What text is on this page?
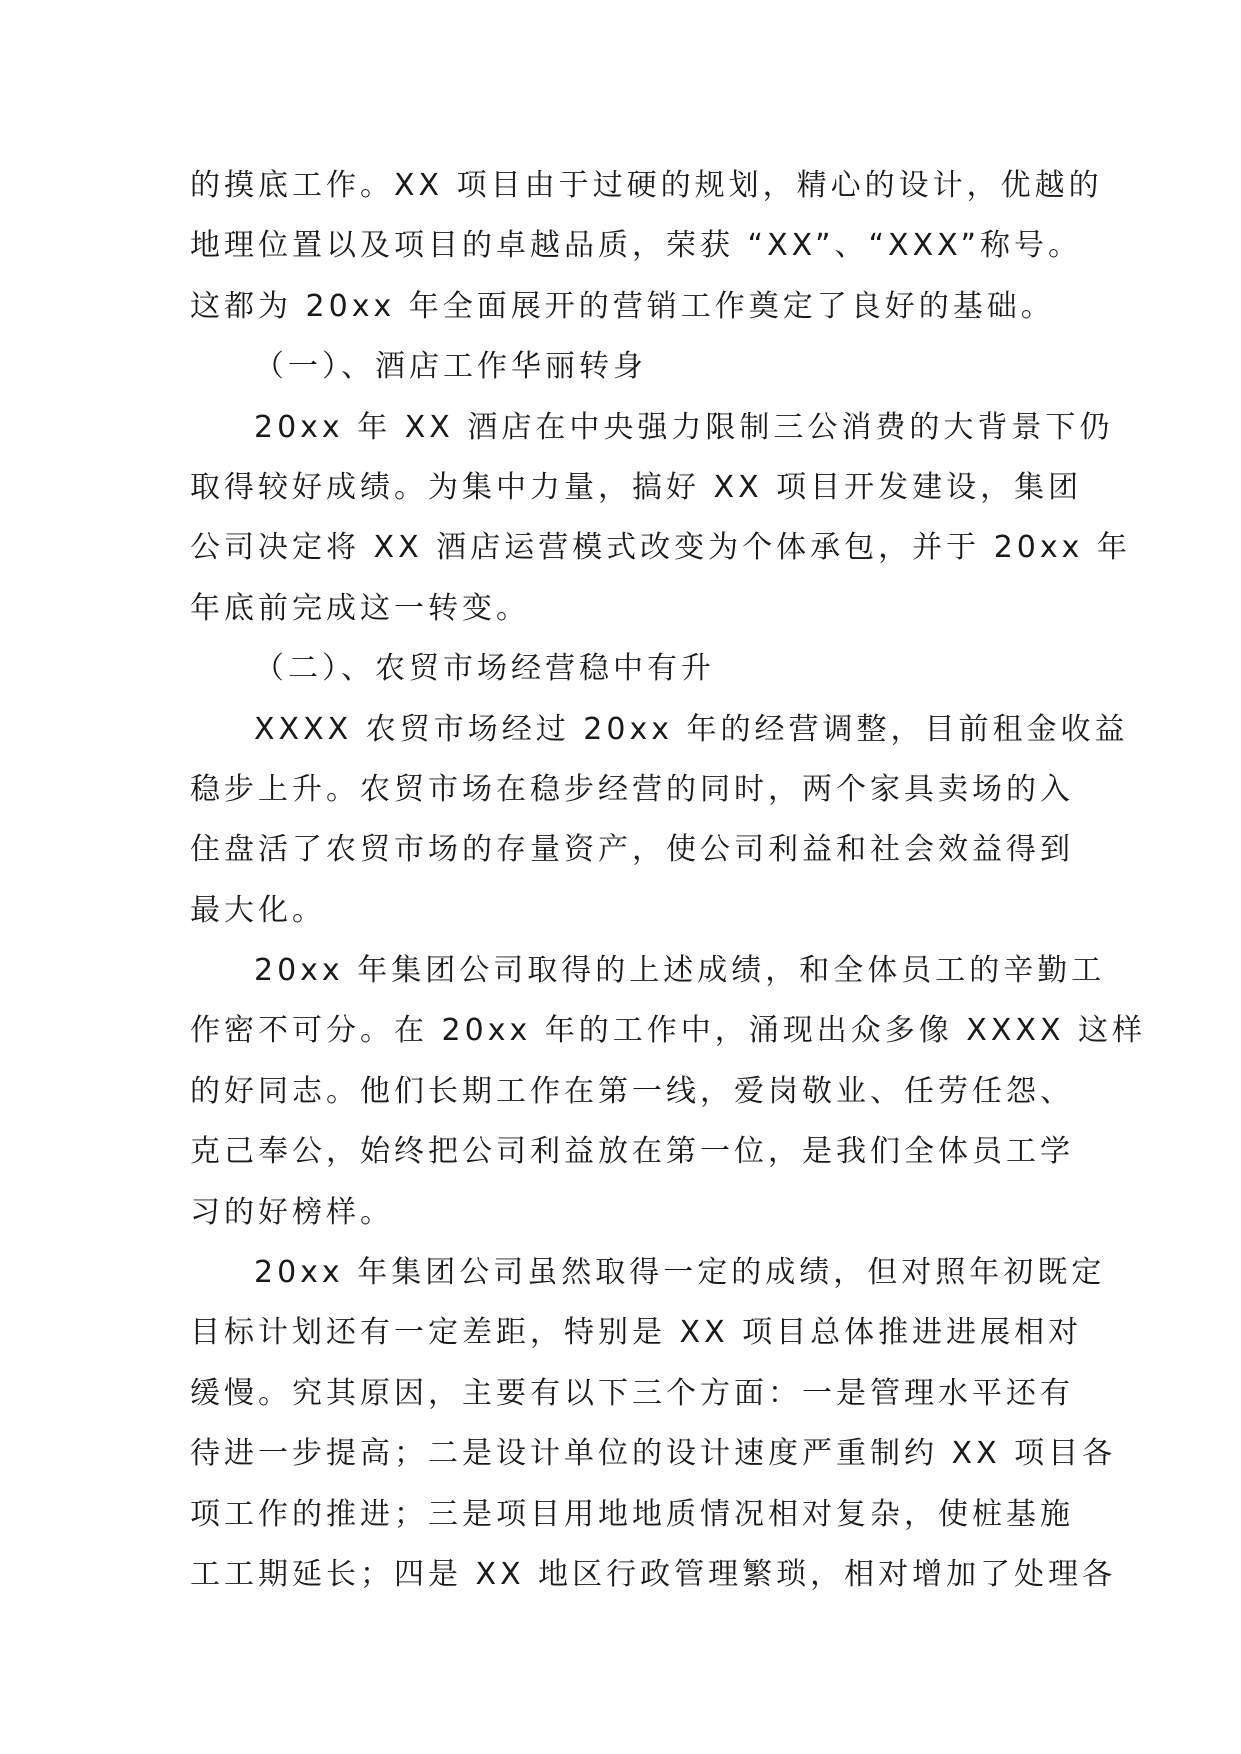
的摸底工作。XX 项目由于过硬的规划，精心的设计，优越的
地理位置以及项目的卓越品质，荣获 “XX”、“XXX”称号。
这都为 20xx 年全面展开的营销工作奠定了良好的基础。
（一）、酒店工作华丽转身
20xx 年 XX 酒店在中央强力限制三公消费的大背景下仍
取得较好成绩。为集中力量，搞好 XX 项目开发建设，集团
公司决定将 XX 酒店运营模式改变为个体承包，并于 20xx 年
年底前完成这一转变。
（二）、农贸市场经营稳中有升
XXXX 农贸市场经过 20xx 年的经营调整，目前租金收益
稳步上升。农贸市场在稳步经营的同时，两个家具卖场的入
住盘活了农贸市场的存量资产，使公司利益和社会效益得到
最大化。
20xx 年集团公司取得的上述成绩，和全体员工的辛勤工
作密不可分。在 20xx 年的工作中，涌现出众多像 XXXX 这样
的好同志。他们长期工作在第一线，爱岗敬业、任劳任怨、
克己奉公，始终把公司利益放在第一位，是我们全体员工学
习的好榜样。
20xx 年集团公司虽然取得一定的成绩，但对照年初既定
目标计划还有一定差距，特别是 XX 项目总体推进进展相对
缓慢。究其原因，主要有以下三个方面：一是管理水平还有
待进一步提高；二是设计单位的设计速度严重制约 XX 项目各
项工作的推进；三是项目用地地质情况相对复杂，使桩基施
工工期延长；四是 XX 地区行政管理繁琐，相对增加了处理各
